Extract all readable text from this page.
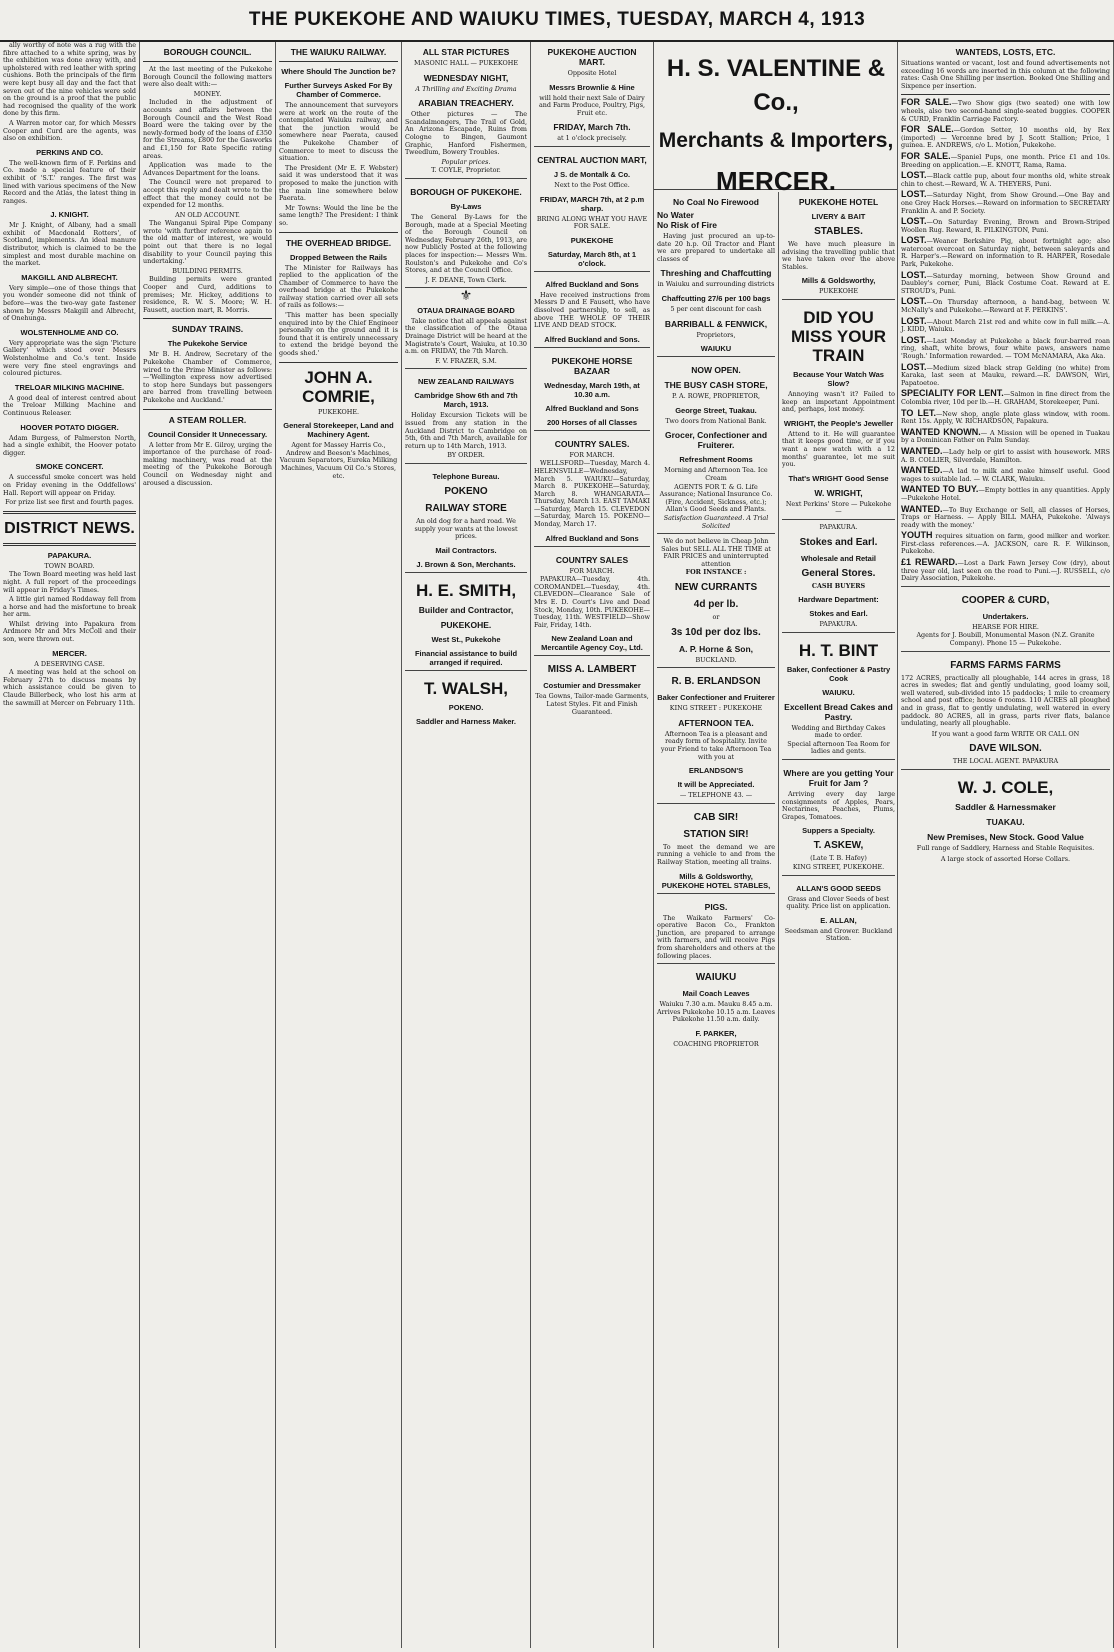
THE PUKEKOHE AND WAIUKU TIMES, TUESDAY, MARCH 4, 1913

ally worthy of note was a rug with the fibre attached to a white spring, was by the exhibition was done away with, and upholstered with red leather with spring cushions. Both the principals of the firm were kept busy all day and the fact that seven out of the nine vehicles were sold on the ground is a proof that the public had recognised the quality of the work done by this firm.

A Warren motor car, for which Messrs Cooper and Curd are the agents, was also on exhibition.

PERKINS AND CO.

The well-known firm of F. Perkins and Co. made a special feature of their exhibit of 'S.T.' ranges. The first was lined with various specimens of the New Record and the Atlas, the latest thing in ranges.

J. KNIGHT.

Mr J. Knight, of Albany, had a small exhibit of Macdonald Rotters', of Scotland, implements. An ideal manure distributor, which is claimed to be the simplest and most durable machine on the market.

MAKGILL AND ALBRECHT.

Very simple—one of those things that you wonder someone did not think of before—was the two-way gate fastener shown by Messrs Makgill and Albrecht, of Onehunga.

WOLSTENHOLME AND CO.

Very appropriate was the sign 'Picture Gallery' which stood over Messrs Wolstenholme and Co.'s tent. Inside were very fine steel engravings and coloured pictures.

TRELOAR MILKING MACHINE.

A good deal of interest centred about the Treloar Milking Machine and Continuous Releaser.

HOOVER POTATO DIGGER.

Adam Burgess, of Palmerston North, had a single exhibit, the Hoover potato digger.

SMOKE CONCERT.

A successful smoke concert was held on Friday evening in the Oddfellows' Hall. Report will appear on Friday.

For prize list see first and fourth pages.

DISTRICT NEWS.
PAPAKURA.
TOWN BOARD.

The Town Board meeting was held last night. A full report of the proceedings will appear in Friday's Times.

A little girl named Roddaway fell from a horse and had the misfortune to break her arm.

Whilst driving into Papakura from Ardmore Mr and Mrs McColl and their son, were thrown out.

MERCER.
A DESERVING CASE.

A meeting was held at the school on February 27th to discuss means by which assistance could be given to Claude Billerbeck, who lost his arm at the sawmill at Mercer on February 11th.

BOROUGH COUNCIL.

At the last meeting of the Pukekohe Borough Council the following matters were also dealt with:—

MONEY.

Included in the adjustment of accounts and affairs between the Borough Council and the West Road Board were the taking over by the newly-formed body of the loans of £350 for the Streams, £800 for the Gasworks and £1,150 for Rate Specific rating areas.

Application was made to the Advances Department for the loans.

The Council were not prepared to accept this reply and dealt wrote to the effect that the money could not be expended for 12 months.

AN OLD ACCOUNT.

The Wanganui Spiral Pipe Company wrote 'with further reference again to the old matter of interest, we would point out that there is no legal disability to your Council paying this undertaking.'

BUILDING PERMITS.

Building permits were granted Cooper and Curd, additions to premises; Mr. Hickey, additions to residence, R. W. S. Moore; W. H. Fausett, auction mart, R. Morris.

SUNDAY TRAINS.
The Pukekohe Service

Mr B. H. Andrew, Secretary of the Pukekohe Chamber of Commerce, wired to the Prime Minister as follows:—'Wellington express now advertised to stop here Sundays but passengers are barred from travelling between Pukekohe and Auckland.'

A STEAM ROLLER.
Council Consider It Unnecessary.

A letter from Mr E. Gilroy, urging the importance of the purchase of road-making machinery, was read at the meeting of the Pukekohe Borough Council on Wednesday night and aroused a discussion.

THE WAIUKU RAILWAY.
Where Should The Junction be?
Further Surveys Asked For By Chamber of Commerce.

The announcement that surveyors were at work on the route of the contemplated Waiuku railway, and that the junction would be somewhere near Paerata, caused the Pukekohe Chamber of Commerce to meet to discuss the situation.

The President (Mr E. F. Webster) said it was understood that it was proposed to make the junction with the main line somewhere below Paerata.

Mr Towns: Would the line be the same length? The President: I think so.

THE OVERHEAD BRIDGE.
Dropped Between the Rails

The Minister for Railways has replied to the application of the Chamber of Commerce to have the overhead bridge at the Pukekohe railway station carried over all sets of rails as follows:—

'This matter has been specially enquired into by the Chief Engineer personally on the ground and it is found that it is entirely unnecessary to extend the bridge beyond the goods shed.'

JOHN A. COMRIE,
PUKEKOHE.
General Storekeeper, Land and Machinery Agent.

Agent for Massey Harris Co., Andrew and Beeson's Machines, Vacuum Separators, Eureka Milking Machines, Vacuum Oil Co.'s Stores, etc.

ALL STAR PICTURES
MASONIC HALL — PUKEKOHE
WEDNESDAY NIGHT,
A Thrilling and Exciting Drama
ARABIAN TREACHERY.

Other pictures — The Scandalmongers, The Trail of Gold, An Arizona Escapade, Ruins from Cologne to Bingen, Gaumont Graphic, Hanford Fishermen, Tweedlum, Bowery Troubles.

Popular prices.
T. COYLE, Proprietor.
BOROUGH OF PUKEKOHE.
By-Laws

The General By-Laws for the Borough, made at a Special Meeting of the Borough Council on Wednesday, February 26th, 1913, are now Publicly Posted at the following places for inspection:— Messrs Wm. Roulston's and Pukekohe and Co's Stores, and at the Council Office.

J. F. DEANE, Town Clerk.
⚜
OTAUA DRAINAGE BOARD

Take notice that all appeals against the classification of the Otaua Drainage District will be heard at the Magistrate's Court, Waiuku, at 10.30 a.m. on FRIDAY, the 7th March.

F. V. FRAZER, S.M.
NEW ZEALAND RAILWAYS
Cambridge Show 6th and 7th March, 1913.

Holiday Excursion Tickets will be issued from any station in the Auckland District to Cambridge on 5th, 6th and 7th March, available for return up to 14th March, 1913.

BY ORDER.
Telephone Bureau.
POKENO
RAILWAY STORE

An old dog for a hard road. We supply your wants at the lowest prices.

Mail Contractors.
J. Brown & Son, Merchants.
H. E. SMITH,
Builder and Contractor,
PUKEKOHE.
West St., Pukekohe
Financial assistance to build arranged if required.
T. WALSH,
POKENO.
Saddler and Harness Maker.
PUKEKOHE AUCTION MART.
Opposite Hotel
Messrs Brownlie & Hine

will hold their next Sale of Dairy and Farm Produce, Poultry, Pigs, Fruit etc.

FRIDAY, March 7th.
at 1 o'clock precisely.
CENTRAL AUCTION MART,
J S. de Montalk & Co.
Next to the Post Office.
FRIDAY, MARCH 7th, at 2 p.m sharp.
BRING ALONG WHAT YOU HAVE FOR SALE.
PUKEKOHE
Saturday, March 8th, at 1 o'clock.
Alfred Buckland and Sons

Have received instructions from Messrs D and E Fausett, who have dissolved partnership, to sell, as above THE WHOLE OF THEIR LIVE AND DEAD STOCK.

Alfred Buckland and Sons.
PUKEKOHE HORSE BAZAAR
Wednesday, March 19th, at 10.30 a.m.
Alfred Buckland and Sons
200 Horses of all Classes
COUNTRY SALES.
FOR MARCH.

WELLSFORD—Tuesday, March 4. HELENSVILLE—Wednesday, March 5. WAIUKU—Saturday, March 8. PUKEKOHE—Saturday, March 8. WHANGARATA—Thursday, March 13. EAST TAMAKI—Saturday, March 15. CLEVEDON—Saturday, March 15. POKENO—Monday, March 17.

Alfred Buckland and Sons
COUNTRY SALES
FOR MARCH.

PAPAKURA—Tuesday, 4th. COROMANDEL—Tuesday, 4th. CLEVEDON—Clearance Sale of Mrs E. D. Court's Live and Dead Stock, Monday, 10th. PUKEKOHE—Tuesday, 11th. WESTFIELD—Show Fair, Friday, 14th.

New Zealand Loan and Mercantile Agency Coy., Ltd.
MISS A. LAMBERT
Costumier and Dressmaker

Tea Gowns, Tailor-made Garments, Latest Styles. Fit and Finish Guaranteed.

H. S. VALENTINE & Co.,
Merchants & Importers,
MERCER.
No Coal No Firewood
No Water
No Risk of Fire

Having just procured an up-to-date 20 h.p. Oil Tractor and Plant we are prepared to undertake all classes of

Threshing and Chaffcutting
in Waiuku and surrounding districts
Chaffcutting 27/6 per 100 bags
5 per cent discount for cash
BARRIBALL & FENWICK,
Proprietors,
WAIUKU
NOW OPEN.
THE BUSY CASH STORE,
P. A. ROWE, PROPRIETOR,
George Street, Tuakau.
Two doors from National Bank.
Grocer, Confectioner and Fruiterer.
Refreshment Rooms
Morning and Afternoon Tea. Ice Cream

AGENTS FOR T. & G. Life Assurance; National Insurance Co. (Fire, Accident, Sickness, etc.); Allan's Good Seeds and Plants.

Satisfaction Guaranteed. A Trial Solicited

We do not believe in Cheap John Sales but SELL ALL THE TIME at FAIR PRICES and uninterrupted attention

FOR INSTANCE :
NEW CURRANTS
4d per lb.
or
3s 10d per doz lbs.
A. P. Horne & Son,
BUCKLAND.
R. B. ERLANDSON
Baker Confectioner and Fruiterer
KING STREET : PUKEKOHE
AFTERNOON TEA.

Afternoon Tea is a pleasant and ready form of hospitality. Invite your Friend to take Afternoon Tea with you at

ERLANDSON'S
It will be Appreciated.
— TELEPHONE 43. —
CAB SIR!
STATION SIR!

To meet the demand we are running a vehicle to and from the Railway Station, meeting all trains.

Mills & Goldsworthy, PUKEKOHE HOTEL STABLES,
PIGS.

The Waikato Farmers' Co-operative Bacon Co., Frankton Junction, are prepared to arrange with farmers, and will receive Pigs from shareholders and others at the following places.

WAIUKU
Mail Coach Leaves

Waiuku 7.30 a.m. Mauku 8.45 a.m. Arrives Pukekohe 10.15 a.m. Leaves Pukekohe 11.50 a.m. daily.

F. PARKER,
COACHING PROPRIETOR
PUKEKOHE HOTEL
LIVERY & BAIT
STABLES.

We have much pleasure in advising the travelling public that we have taken over the above Stables.

Mills & Goldsworthy,
PUKEKOHE
DID YOU MISS YOUR TRAIN
Because Your Watch Was Slow?

Annoying wasn't it? Failed to keep an important Appointment and, perhaps, lost money.

WRIGHT, the People's Jeweller

Attend to it. He will guarantee that it keeps good time, or if you want a new watch with a 12 months' guarantee, let me suit you.

That's WRIGHT Good Sense
W. WRIGHT,
Next Perkins' Store — Pukekohe —
PAPAKURA.
Stokes and Earl.
Wholesale and Retail
General Stores.
CASH BUYERS
Hardware Department:
Stokes and Earl.
PAPAKURA.
H. T. BINT
Baker, Confectioner & Pastry Cook
WAIUKU.
Excellent Bread Cakes and Pastry.
Wedding and Birthday Cakes made to order.
Special afternoon Tea Room for ladies and gents.
Where are you getting Your Fruit for Jam ?

Arriving every day large consignments of Apples, Pears, Nectarines, Peaches, Plums, Grapes, Tomatoes.

Suppers a Specialty.
T. ASKEW,
(Late T. B. Hafey)
KING STREET, PUKEKOHE.
ALLAN'S GOOD SEEDS

Grass and Clover Seeds of best quality. Price list on application.

E. ALLAN,
Seedsman and Grower. Buckland Station.
WANTEDS, LOSTS, ETC.

Situations wanted or vacant, lost and found advertisements not exceeding 16 words are inserted in this column at the following rates: Cash One Shilling per insertion. Booked One Shilling and Sixpence per insertion.

FOR SALE.—Two Show gigs (two seated) one with low wheels, also two second-hand single-seated buggies. COOPER & CURD, Franklin Carriage Factory.

FOR SALE.—Gordon Setter, 10 months old, by Rex (imported) — Vercenne bred by J. Scott Stallion; Price, 1 guinea. E. ANDREWS, c/o L. Motion, Pukekohe.

FOR SALE.—Spaniel Pups, one month. Price £1 and 10s. Breeding on application.—E. KNOTT, Rama, Rama.

LOST.—Black cattle pup, about four months old, white streak chin to chest.—Reward, W. A. THEYERS, Puni.

LOST.—Saturday Night, from Show Ground.—One Bay and one Grey Hack Horses.—Reward on information to SECRETARY Franklin A. and P. Society.

LOST.—On Saturday Evening, Brown and Brown-Striped Woollen Rug. Reward, R. PILKINGTON, Puni.

LOST.—Weaner Berkshire Pig, about fortnight ago; also watercoat overcoat on Saturday night, between saleyards and R. Harper's.—Reward on information to R. HARPER, Rosedale Park, Pukekohe.

LOST.—Saturday morning, between Show Ground and Daubley's corner, Puni, Black Costume Coat. Reward at E. STROUD's, Puni.

LOST.—On Thursday afternoon, a hand-bag, between W. McNally's and Pukekohe.—Reward at F. PERKINS'.

LOST.—About March 21st red and white cow in full milk.—A. J. KIDD, Waiuku.

LOST.—Last Monday at Pukekohe a black four-barred roan ring, shaft, white brows, four white paws, answers name 'Rough.' Information rewarded. — TOM McNAMARA, Aka Aka.

LOST.—Medium sized black strap Gelding (no white) from Karaka, last seen at Mauku, reward.—R. DAWSON, Wiri, Papatoetoe.

SPECIALITY FOR LENT.—Salmon in fine direct from the Colombia river, 10d per lb.—H. GRAHAM, Storekeeper, Puni.

TO LET.—New shop, angle plate glass window, with room. Rent 15s. Apply, W. RICHARDSON, Papakura.

WANTED KNOWN.— A Mission will be opened in Tuakau by a Dominican Father on Palm Sunday.

WANTED.—Lady help or girl to assist with housework. MRS A. B. COLLIER, Silverdale, Hamilton.

WANTED.—A lad to milk and make himself useful. Good wages to suitable lad. — W. CLARK, Waiuku.

WANTED TO BUY.—Empty bottles in any quantities. Apply—Pukekohe Hotel.

WANTED.—To Buy Exchange or Sell, all classes of Horses, Traps or Harness. — Apply BILL MAHA, Pukekohe. 'Always ready with the money.'

YOUTH requires situation on farm, good milker and worker. First-class references.—A. JACKSON, care R. F. Wilkinson, Pukekohe.

£1 REWARD.—Lost a Dark Fawn Jersey Cow (dry), about three year old, last seen on the road to Puni.—J. RUSSELL, c/o Dairy Association, Pukekohe.

COOPER & CURD,
Undertakers.
HEARSE FOR HIRE.

Agents for J. Boubill, Monumental Mason (N.Z. Granite Company). Phone 15 — Pukekohe.

FARMS FARMS FARMS

172 ACRES, practically all ploughable, 144 acres in grass, 18 acres in swedes; flat and gently undulating, good loamy soil, well watered, sub-divided into 15 paddocks; 1 mile to creamery school and post office; house 6 rooms. 110 ACRES all ploughed and in grass, flat to gently undulating, well watered in every paddock. 80 ACRES, all in grass, parts river flats, balance undulating, nearly all ploughable.

If you want a good farm WRITE OR CALL ON
DAVE WILSON.
THE LOCAL AGENT. PAPAKURA
W. J. COLE,
Saddler & Harnessmaker
TUAKAU.
New Premises, New Stock. Good Value

Full range of Saddlery, Harness and Stable Requisites.

A large stock of assorted Horse Collars.
